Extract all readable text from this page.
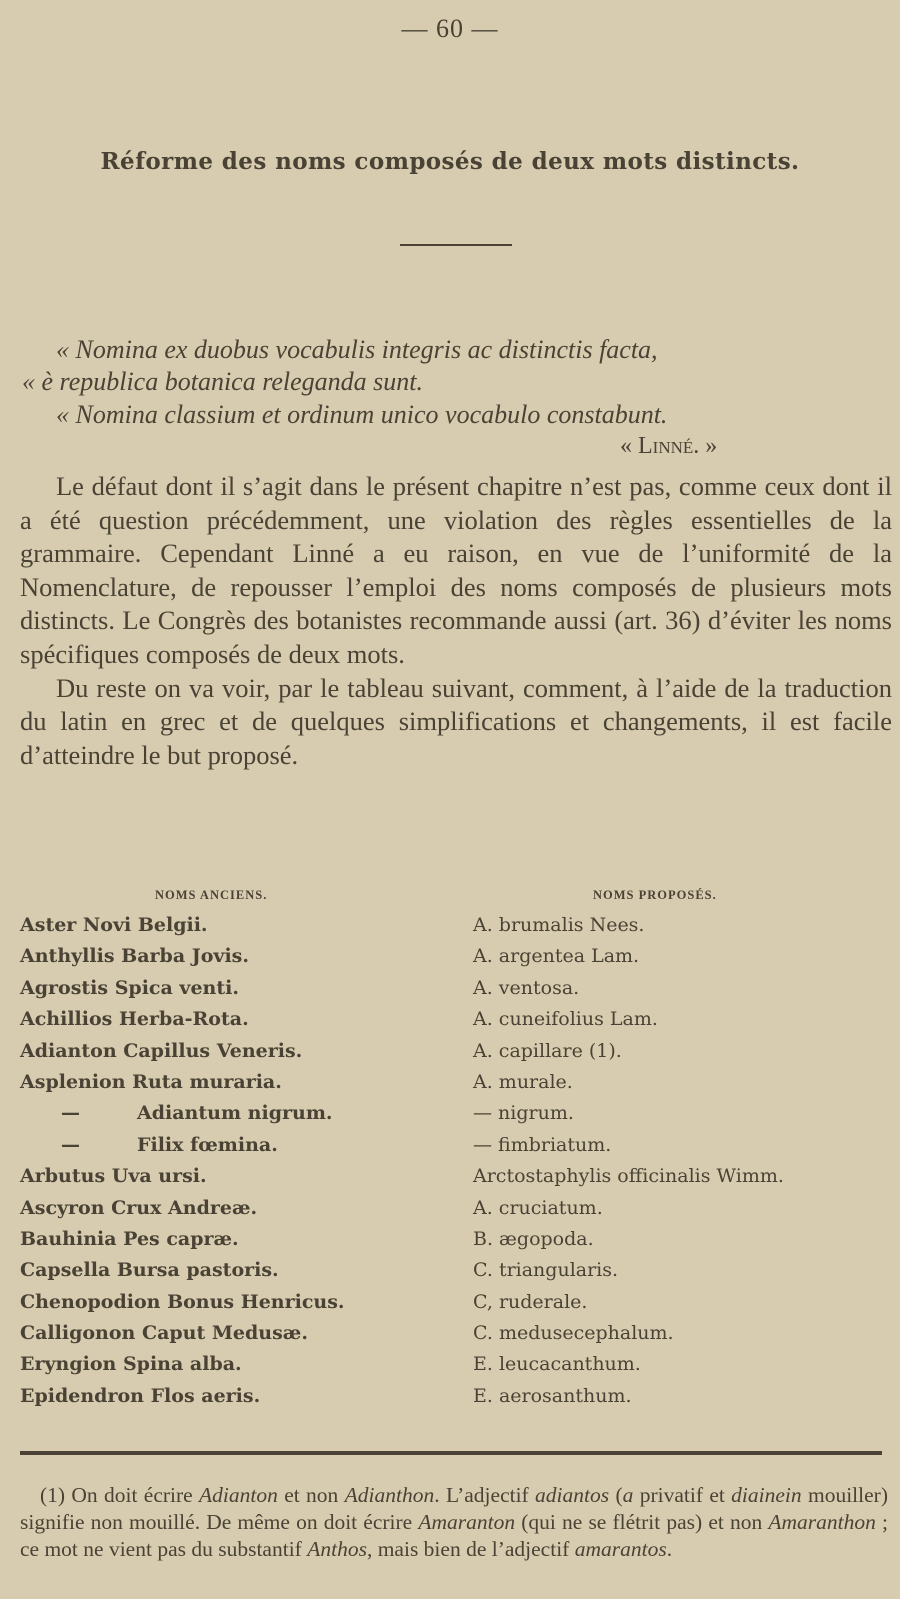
— 60 —
Réforme des noms composés de deux mots distincts.
« Nomina ex duobus vocabulis integris ac distinctis facta,
« è republica botanica releganda sunt.
« Nomina classium et ordinum unico vocabulo constabunt.
« Linné. »

Le défaut dont il s’agit dans le présent chapitre n’est pas, comme ceux dont il a été question précédemment, une violation des règles essentielles de la grammaire. Cependant Linné a eu raison, en vue de l’uniformité de la Nomenclature, de repousser l’emploi des noms composés de plusieurs mots distincts. Le Congrès des botanistes recommande aussi (art. 36) d’éviter les noms spécifiques composés de deux mots.

Du reste on va voir, par le tableau suivant, comment, à l’aide de la traduction du latin en grec et de quelques simplifications et changements, il est facile d’atteindre le but proposé.

NOMS ANCIENS.	NOMS PROPOSÉS.
Aster Novi Belgii.	A. brumalis Nees.
Anthyllis Barba Jovis.	A. argentea Lam.
Agrostis Spica venti.	A. ventosa.
Achillios Herba-Rota.	A. cuneifolius Lam.
Adianton Capillus Veneris.	A. capillare (1).
Asplenion Ruta muraria.	A. murale.
—	Adiantum nigrum.	— nigrum.
—	Filix fœmina.	— fimbriatum.
Arbutus Uva ursi.	Arctostaphylis officinalis Wimm.
Ascyron Crux Andreæ.	A. cruciatum.
Bauhinia Pes capræ.	B. ægopoda.
Capsella Bursa pastoris.	C. triangularis.
Chenopodion Bonus Henricus.	C, ruderale.
Calligonon Caput Medusæ.	C. medusecephalum.
Eryngion Spina alba.	E. leucacanthum.
Epidendron Flos aeris.	E. aerosanthum.

(1) On doit écrire Adianton et non Adianthon. L’adjectif adiantos (a privatif et diainein mouiller) signifie non mouillé. De même on doit écrire Amaranton (qui ne se flétrit pas) et non Amaranthon ; ce mot ne vient pas du substantif Anthos, mais bien de l’adjectif amarantos.
